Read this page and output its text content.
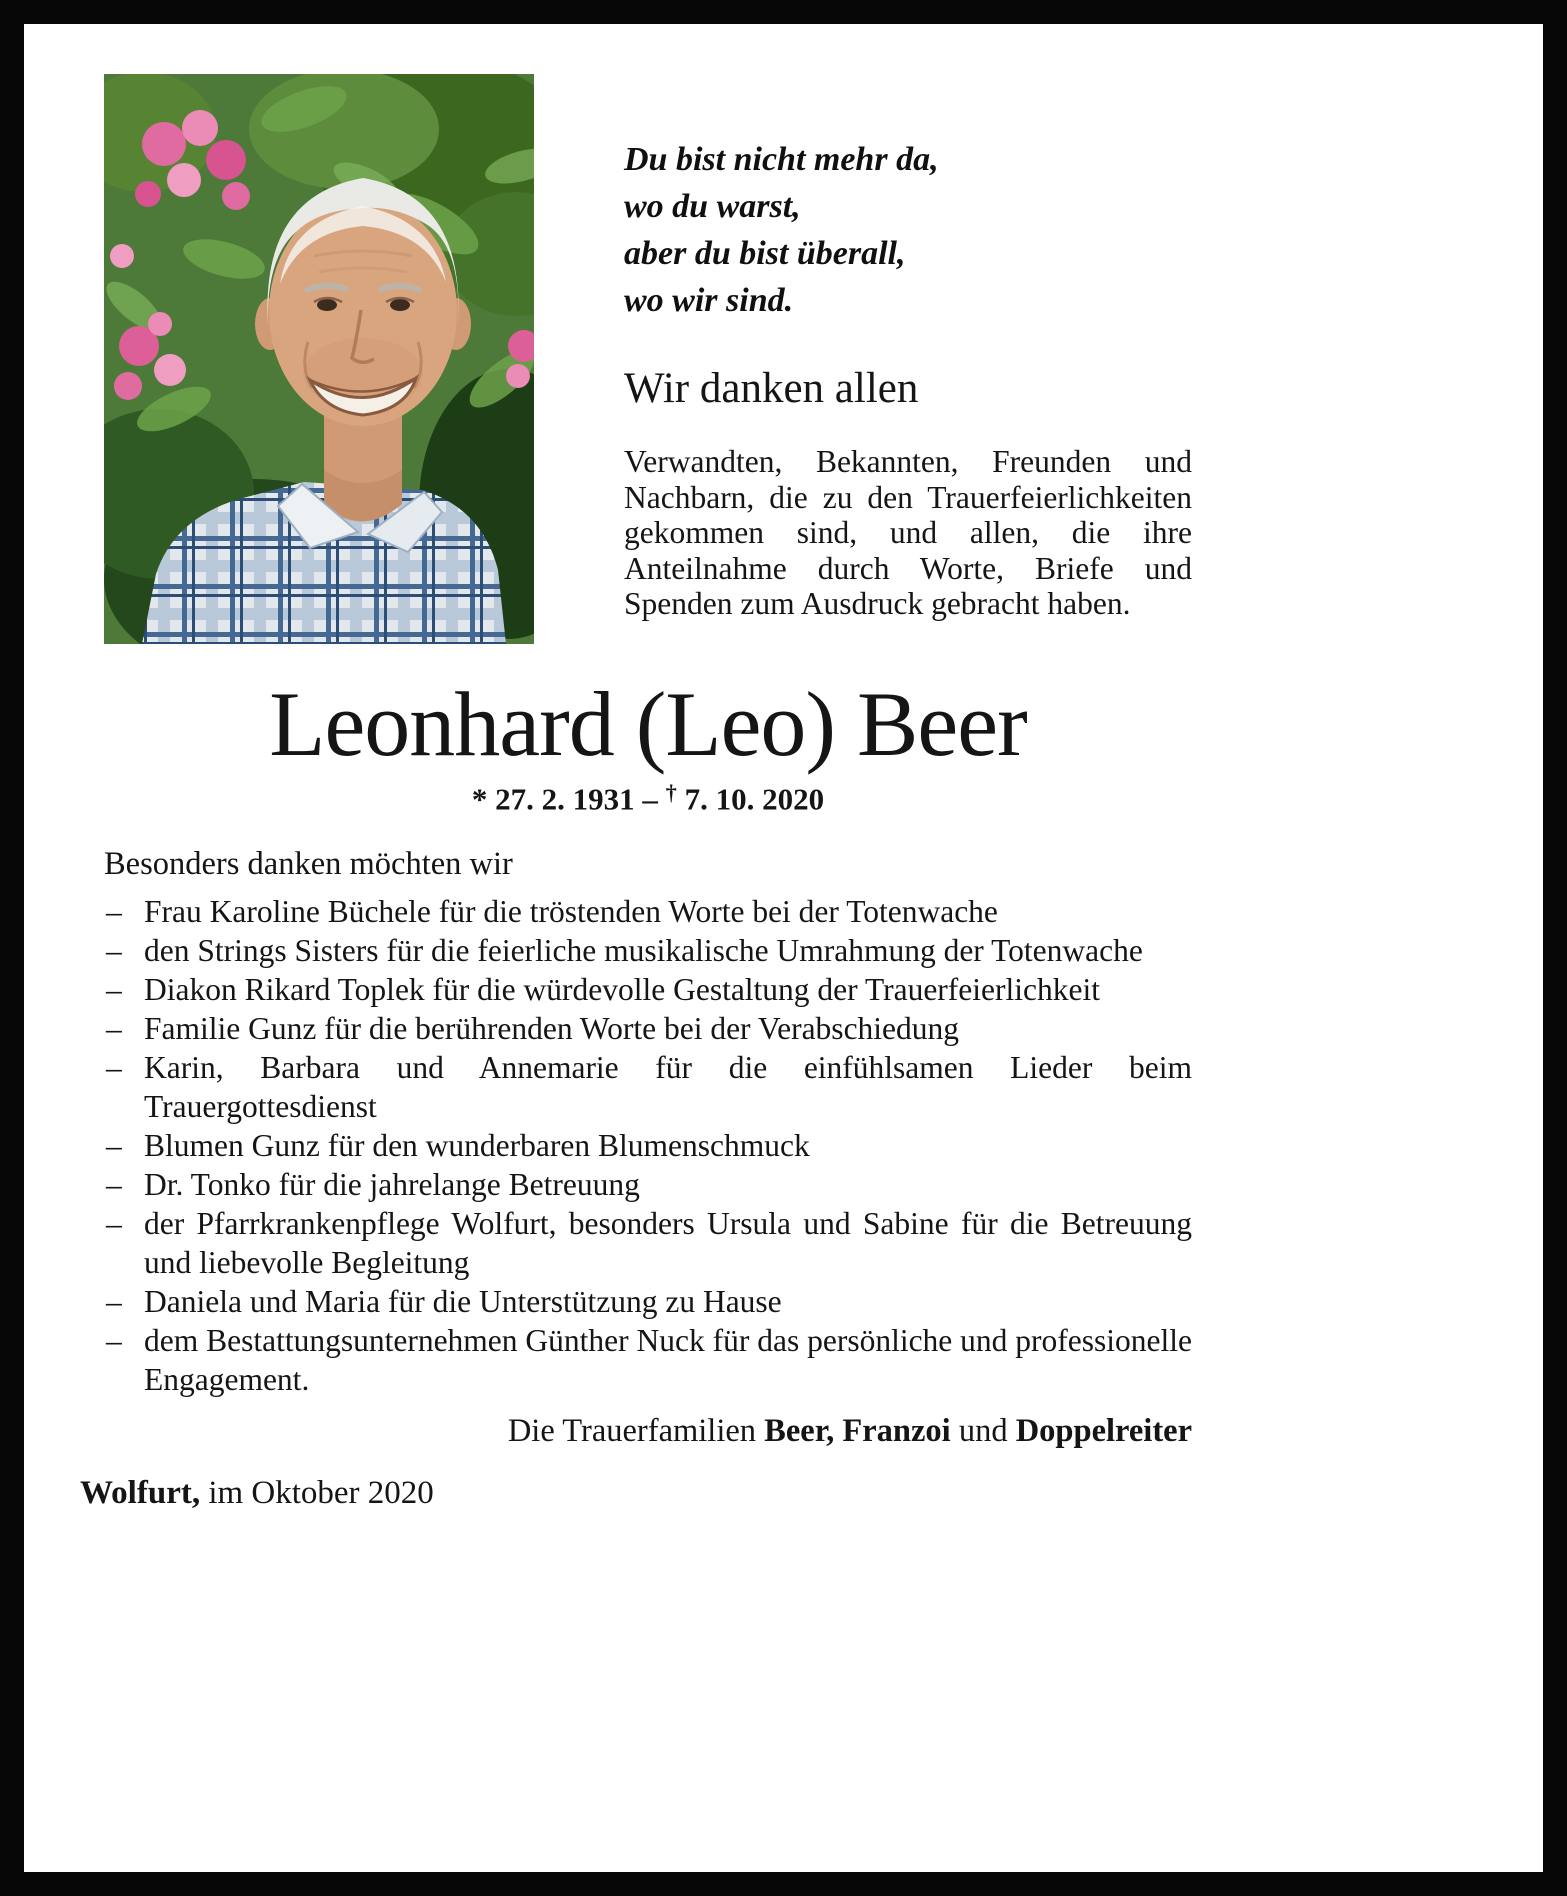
Du bist nicht mehr da,
wo du warst,
aber du bist überall,
wo wir sind.
Wir danken allen

Verwandten, Bekannten, Freunden und Nachbarn, die zu den Trauerfeierlichkeiten gekommen sind, und allen, die ihre Anteilnahme durch Worte, Briefe und Spenden zum Ausdruck gebracht haben.

Leonhard (Leo) Beer
* 27. 2. 1931 – † 7. 10. 2020
Besonders danken möchten wir
– Frau Karoline Büchele für die tröstenden Worte bei der Totenwache
– den Strings Sisters für die feierliche musikalische Umrahmung der Totenwache
– Diakon Rikard Toplek für die würdevolle Gestaltung der Trauerfeierlichkeit
– Familie Gunz für die berührenden Worte bei der Verabschiedung
– Karin, Barbara und Annemarie für die einfühlsamen Lieder beim Trauergottesdienst
– Blumen Gunz für den wunderbaren Blumenschmuck
– Dr. Tonko für die jahrelange Betreuung
– der Pfarrkrankenpflege Wolfurt, besonders Ursula und Sabine für die Betreuung und liebevolle Begleitung
– Daniela und Maria für die Unterstützung zu Hause
– dem Bestattungsunternehmen Günther Nuck für das persönliche und professionelle Engagement.
Die Trauerfamilien Beer, Franzoi und Doppelreiter
Wolfurt, im Oktober 2020
